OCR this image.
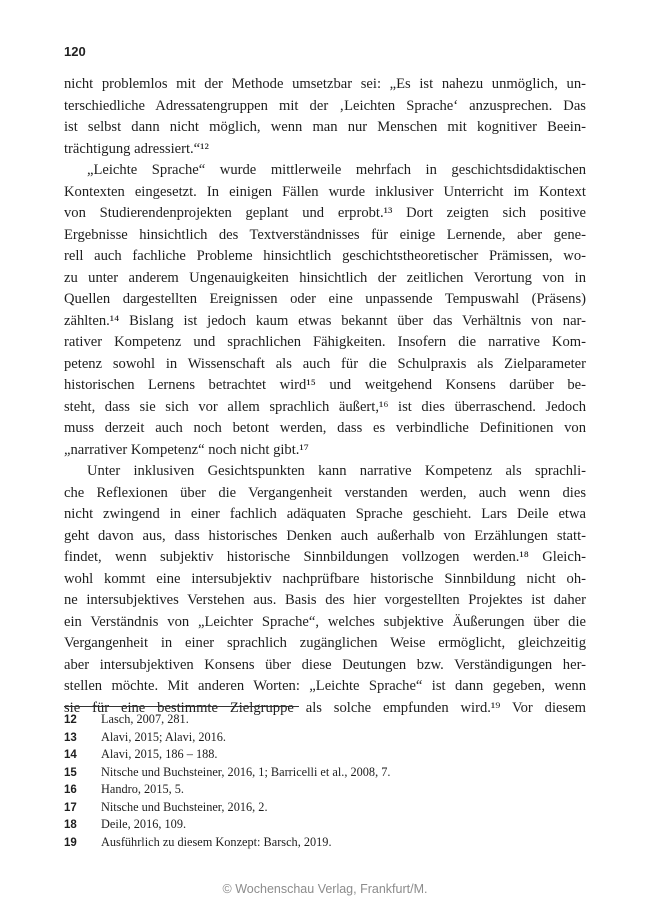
120
nicht problemlos mit der Methode umsetzbar sei: „Es ist nahezu unmöglich, un-
terschiedliche Adressatengruppen mit der ‚Leichten Sprache‘ anzusprechen. Das
ist selbst dann nicht möglich, wenn man nur Menschen mit kognitiver Beein-
trächtigung adressiert.“¹²
„Leichte Sprache“ wurde mittlerweile mehrfach in geschichtsdidaktischen
Kontexten eingesetzt. In einigen Fällen wurde inklusiver Unterricht im Kontext
von Studierendenprojekten geplant und erprobt.¹³ Dort zeigten sich positive
Ergebnisse hinsichtlich des Textverständnisses für einige Lernende, aber gene-
rell auch fachliche Probleme hinsichtlich geschichtstheoretischer Prämissen, wo-
zu unter anderem Ungenauigkeiten hinsichtlich der zeitlichen Verortung von in
Quellen dargestellten Ereignissen oder eine unpassende Tempuswahl (Präsens)
zählten.¹⁴ Bislang ist jedoch kaum etwas bekannt über das Verhältnis von nar-
rativer Kompetenz und sprachlichen Fähigkeiten. Insofern die narrative Kom-
petenz sowohl in Wissenschaft als auch für die Schulpraxis als Zielparameter
historischen Lernens betrachtet wird¹⁵ und weitgehend Konsens darüber be-
steht, dass sie sich vor allem sprachlich äußert,¹⁶ ist dies überraschend. Jedoch
muss derzeit auch noch betont werden, dass es verbindliche Definitionen von
„narrativer Kompetenz“ noch nicht gibt.¹⁷
Unter inklusiven Gesichtspunkten kann narrative Kompetenz als sprachli-
che Reflexionen über die Vergangenheit verstanden werden, auch wenn dies
nicht zwingend in einer fachlich adäquaten Sprache geschieht. Lars Deile etwa
geht davon aus, dass historisches Denken auch außerhalb von Erzählungen statt-
findet, wenn subjektiv historische Sinnbildungen vollzogen werden.¹⁸ Gleich-
wohl kommt eine intersubjektiv nachprüfbare historische Sinnbildung nicht oh-
ne intersubjektives Verstehen aus. Basis des hier vorgestellten Projektes ist daher
ein Verständnis von „Leichter Sprache“, welches subjektive Äußerungen über die
Vergangenheit in einer sprachlich zugänglichen Weise ermöglicht, gleichzeitig
aber intersubjektiven Konsens über diese Deutungen bzw. Verständigungen her-
stellen möchte. Mit anderen Worten: „Leichte Sprache“ ist dann gegeben, wenn
sie für eine bestimmte Zielgruppe als solche empfunden wird.¹⁹ Vor diesem
12 Lasch, 2007, 281.
13 Alavi, 2015; Alavi, 2016.
14 Alavi, 2015, 186 – 188.
15 Nitsche und Buchsteiner, 2016, 1; Barricelli et al., 2008, 7.
16 Handro, 2015, 5.
17 Nitsche und Buchsteiner, 2016, 2.
18 Deile, 2016, 109.
19 Ausführlich zu diesem Konzept: Barsch, 2019.
© Wochenschau Verlag, Frankfurt/M.
